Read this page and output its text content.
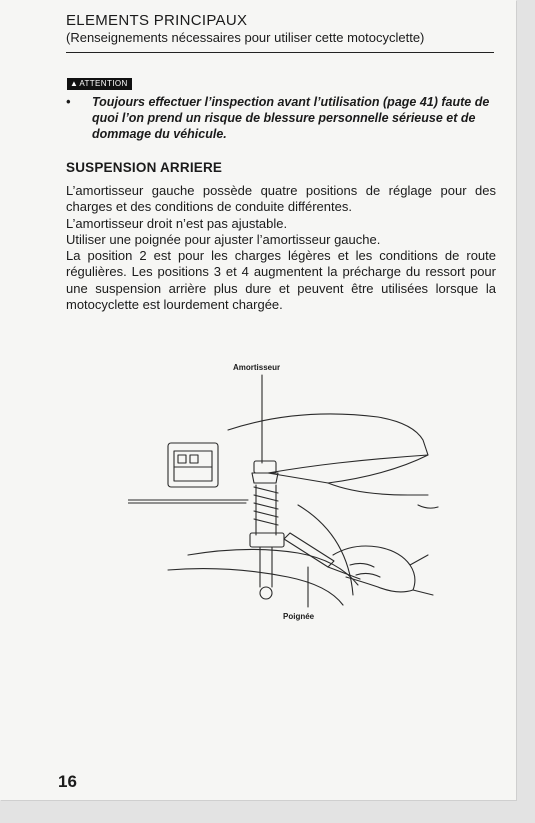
ELEMENTS PRINCIPAUX
(Renseignements nécessaires pour utiliser cette motocyclette)
▲ATTENTION
• Toujours effectuer l’inspection avant l’utilisation (page 41) faute de quoi l’on prend un risque de blessure personnelle sérieuse et de dommage du véhicule.
SUSPENSION ARRIERE

L’amortisseur gauche possède quatre positions de réglage pour des charges et des conditions de conduite différentes.

L’amortisseur droit n’est pas ajustable.

Utiliser une poignée pour ajuster l’amortisseur gauche.

La position 2 est pour les charges légères et les conditions de route régulières. Les positions 3 et 4 augmentent la précharge du ressort pour une suspension arrière plus dure et peuvent être utilisées lorsque la motocyclette est lourdement chargée.

Amortisseur
Poignée
16
